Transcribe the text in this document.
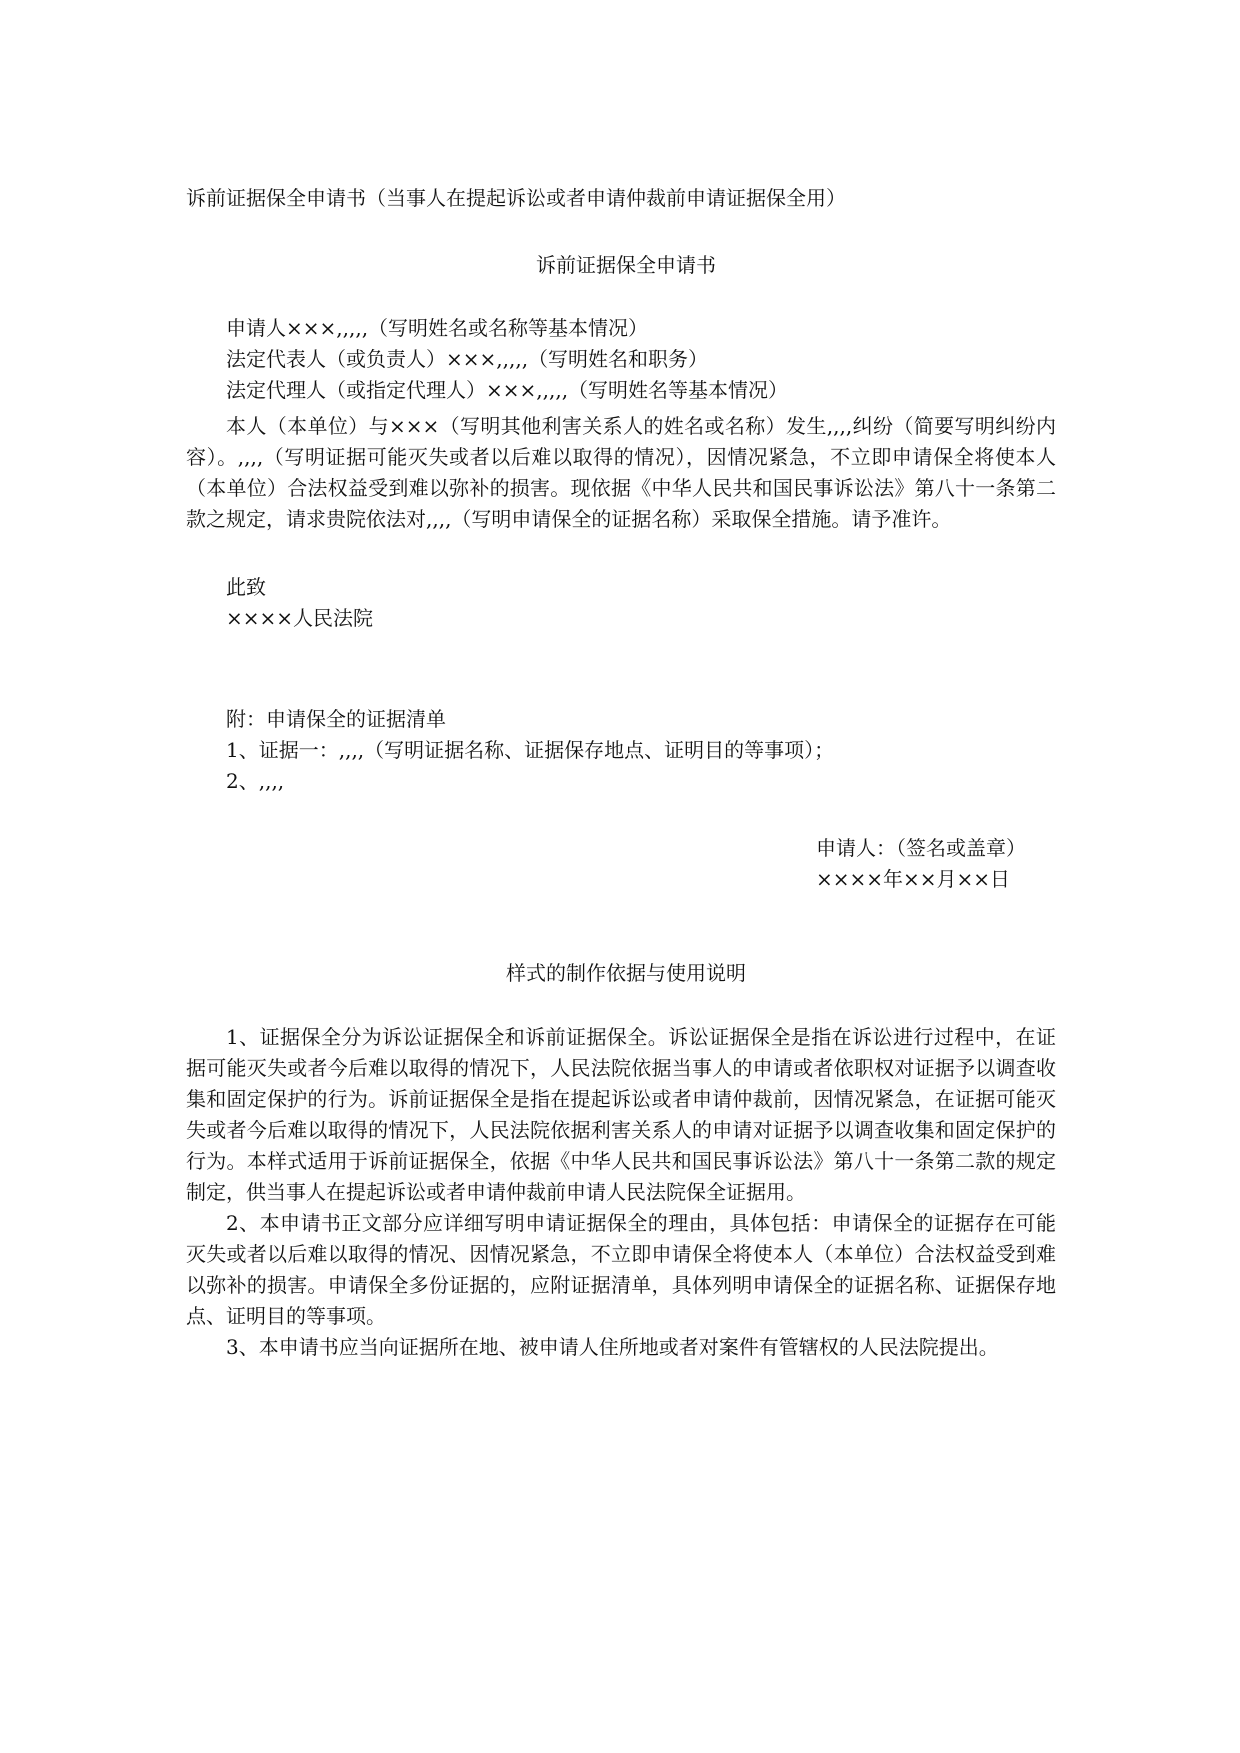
诉前证据保全申请书（当事人在提起诉讼或者申请仲裁前申请证据保全用）
诉前证据保全申请书

申请人×××,,,,,（写明姓名或名称等基本情况）

法定代表人（或负责人）×××,,,,,（写明姓名和职务）

法定代理人（或指定代理人）×××,,,,,（写明姓名等基本情况）

本人（本单位）与×××（写明其他利害关系人的姓名或名称）发生,,,,纠纷（简要写明纠纷内容）。,,,,（写明证据可能灭失或者以后难以取得的情况），因情况紧急，不立即申请保全将使本人（本单位）合法权益受到难以弥补的损害。现依据《中华人民共和国民事诉讼法》第八十一条第二款之规定，请求贵院依法对,,,,（写明申请保全的证据名称）采取保全措施。请予准许。

此致

××××人民法院

附：申请保全的证据清单

1、证据一：,,,,（写明证据名称、证据保存地点、证明目的等事项）；

2、,,,,

申请人：（签名或盖章）
××××年××月××日
样式的制作依据与使用说明

1、证据保全分为诉讼证据保全和诉前证据保全。诉讼证据保全是指在诉讼进行过程中，在证据可能灭失或者今后难以取得的情况下，人民法院依据当事人的申请或者依职权对证据予以调查收集和固定保护的行为。诉前证据保全是指在提起诉讼或者申请仲裁前，因情况紧急，在证据可能灭失或者今后难以取得的情况下，人民法院依据利害关系人的申请对证据予以调查收集和固定保护的行为。本样式适用于诉前证据保全，依据《中华人民共和国民事诉讼法》第八十一条第二款的规定制定，供当事人在提起诉讼或者申请仲裁前申请人民法院保全证据用。

2、本申请书正文部分应详细写明申请证据保全的理由，具体包括：申请保全的证据存在可能灭失或者以后难以取得的情况、因情况紧急，不立即申请保全将使本人（本单位）合法权益受到难以弥补的损害。申请保全多份证据的，应附证据清单，具体列明申请保全的证据名称、证据保存地点、证明目的等事项。

3、本申请书应当向证据所在地、被申请人住所地或者对案件有管辖权的人民法院提出。
